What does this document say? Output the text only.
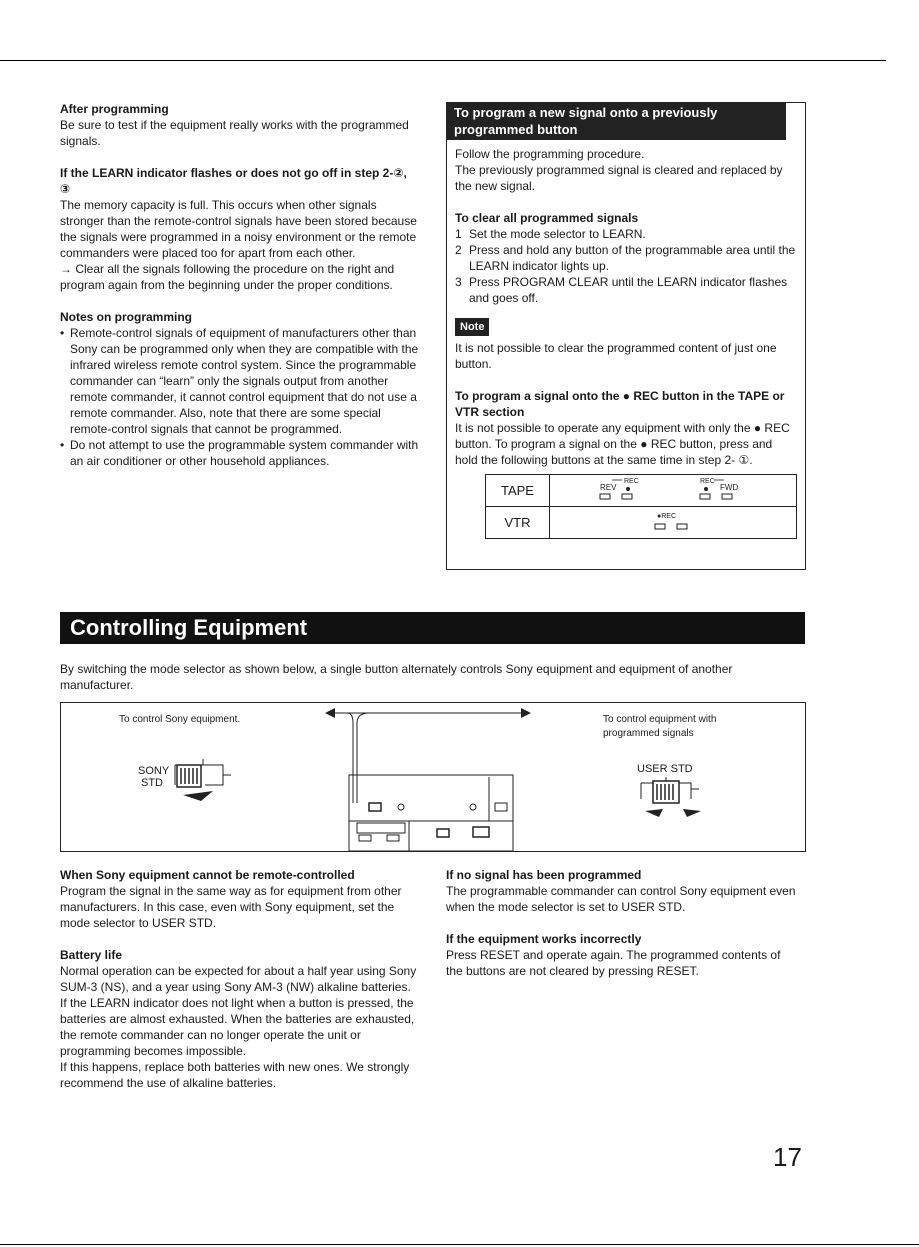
After programming

Be sure to test if the equipment really works with the programmed signals.

If the LEARN indicator flashes or does not go off in step 2-②, ③

The memory capacity is full. This occurs when other signals stronger than the remote-control signals have been stored because the signals were programmed in a noisy environment or the remote commanders were placed too for apart from each other.

→ Clear all the signals following the procedure on the right and program again from the beginning under the proper conditions.

Notes on programming

• Remote-control signals of equipment of manufacturers other than Sony can be programmed only when they are compatible with the infrared wireless remote control system. Since the programmable commander can “learn” only the signals output from another remote commander, it cannot control equipment that do not use a remote commander. Also, note that there are some special remote-control signals that cannot be programmed.
• Do not attempt to use the programmable system commander with an air conditioner or other household appliances.
To program a new signal onto a previously programmed button

Follow the programming procedure.

The previously programmed signal is cleared and replaced by the new signal.

To clear all programmed signals

1 Set the mode selector to LEARN.
2 Press and hold any button of the programmable area until the LEARN indicator lights up.
3 Press PROGRAM CLEAR until the LEARN indicator flashes and goes off.
Note

It is not possible to clear the programmed content of just one button.

To program a signal onto the ● REC button in the TAPE or VTR section

It is not possible to operate any equipment with only the ● REC button. To program a signal on the ● REC button, press and hold the following buttons at the same time in step 2- ①.

TAPE	REV
REC REC
FWD

VTR	●REC
Controlling Equipment

By switching the mode selector as shown below, a single button alternately controls Sony equipment and equipment of another manufacturer.

To control Sony equipment.	To control equipment with programmed signals

SONY
STD
USER STD

When Sony equipment cannot be remote-controlled

Program the signal in the same way as for equipment from other manufacturers. In this case, even with Sony equipment, set the mode selector to USER STD.

Battery life

Normal operation can be expected for about a half year using Sony SUM-3 (NS), and a year using Sony AM-3 (NW) alkaline batteries. If the LEARN indicator does not light when a button is pressed, the batteries are almost exhausted. When the batteries are exhausted, the remote commander can no longer operate the unit or programming becomes impossible.

If this happens, replace both batteries with new ones. We strongly recommend the use of alkaline batteries.

If no signal has been programmed

The programmable commander can control Sony equipment even when the mode selector is set to USER STD.

If the equipment works incorrectly

Press RESET and operate again. The programmed contents of the buttons are not cleared by pressing RESET.

17
